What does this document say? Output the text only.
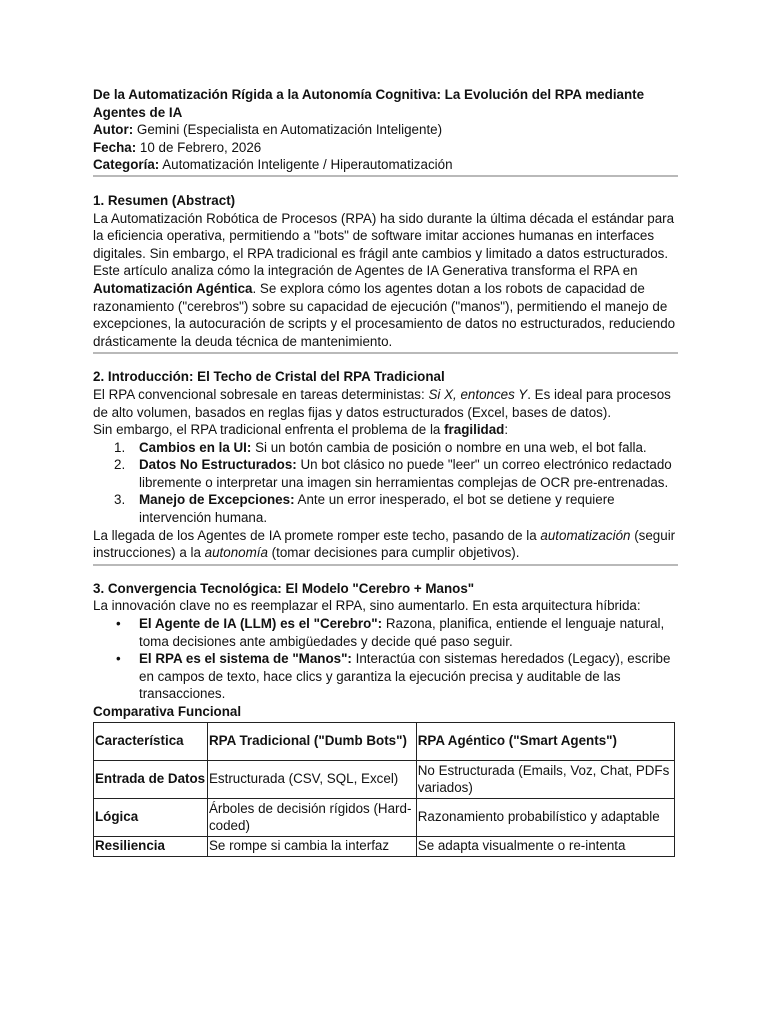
De la Automatización Rígida a la Autonomía Cognitiva: La Evolución del RPA mediante Agentes de IA

Autor: Gemini (Especialista en Automatización Inteligente)

Fecha: 10 de Febrero, 2026

Categoría: Automatización Inteligente / Hiperautomatización

1. Resumen (Abstract)

La Automatización Robótica de Procesos (RPA) ha sido durante la última década el estándar para la eficiencia operativa, permitiendo a "bots" de software imitar acciones humanas en interfaces digitales. Sin embargo, el RPA tradicional es frágil ante cambios y limitado a datos estructurados. Este artículo analiza cómo la integración de Agentes de IA Generativa transforma el RPA en Automatización Agéntica. Se explora cómo los agentes dotan a los robots de capacidad de razonamiento ("cerebros") sobre su capacidad de ejecución ("manos"), permitiendo el manejo de excepciones, la autocuración de scripts y el procesamiento de datos no estructurados, reduciendo drásticamente la deuda técnica de mantenimiento.

2. Introducción: El Techo de Cristal del RPA Tradicional

El RPA convencional sobresale en tareas deterministas: Si X, entonces Y. Es ideal para procesos de alto volumen, basados en reglas fijas y datos estructurados (Excel, bases de datos).

Sin embargo, el RPA tradicional enfrenta el problema de la fragilidad:

1. Cambios en la UI: Si un botón cambia de posición o nombre en una web, el bot falla.
2. Datos No Estructurados: Un bot clásico no puede "leer" un correo electrónico redactado libremente o interpretar una imagen sin herramientas complejas de OCR pre-entrenadas.
3. Manejo de Excepciones: Ante un error inesperado, el bot se detiene y requiere intervención humana.

La llegada de los Agentes de IA promete romper este techo, pasando de la automatización (seguir instrucciones) a la autonomía (tomar decisiones para cumplir objetivos).

3. Convergencia Tecnológica: El Modelo "Cerebro + Manos"

La innovación clave no es reemplazar el RPA, sino aumentarlo. En esta arquitectura híbrida:

• El Agente de IA (LLM) es el "Cerebro": Razona, planifica, entiende el lenguaje natural, toma decisiones ante ambigüedades y decide qué paso seguir.
• El RPA es el sistema de "Manos": Interactúa con sistemas heredados (Legacy), escribe en campos de texto, hace clics y garantiza la ejecución precisa y auditable de las transacciones.

Comparativa Funcional

Característica	RPA Tradicional ("Dumb Bots")	RPA Agéntico ("Smart Agents")
Entrada de Datos	Estructurada (CSV, SQL, Excel)	No Estructurada (Emails, Voz, Chat, PDFs variados)
Lógica	Árboles de decisión rígidos (Hard-coded)	Razonamiento probabilístico y adaptable
Resiliencia	Se rompe si cambia la interfaz	Se adapta visualmente o re-intenta
